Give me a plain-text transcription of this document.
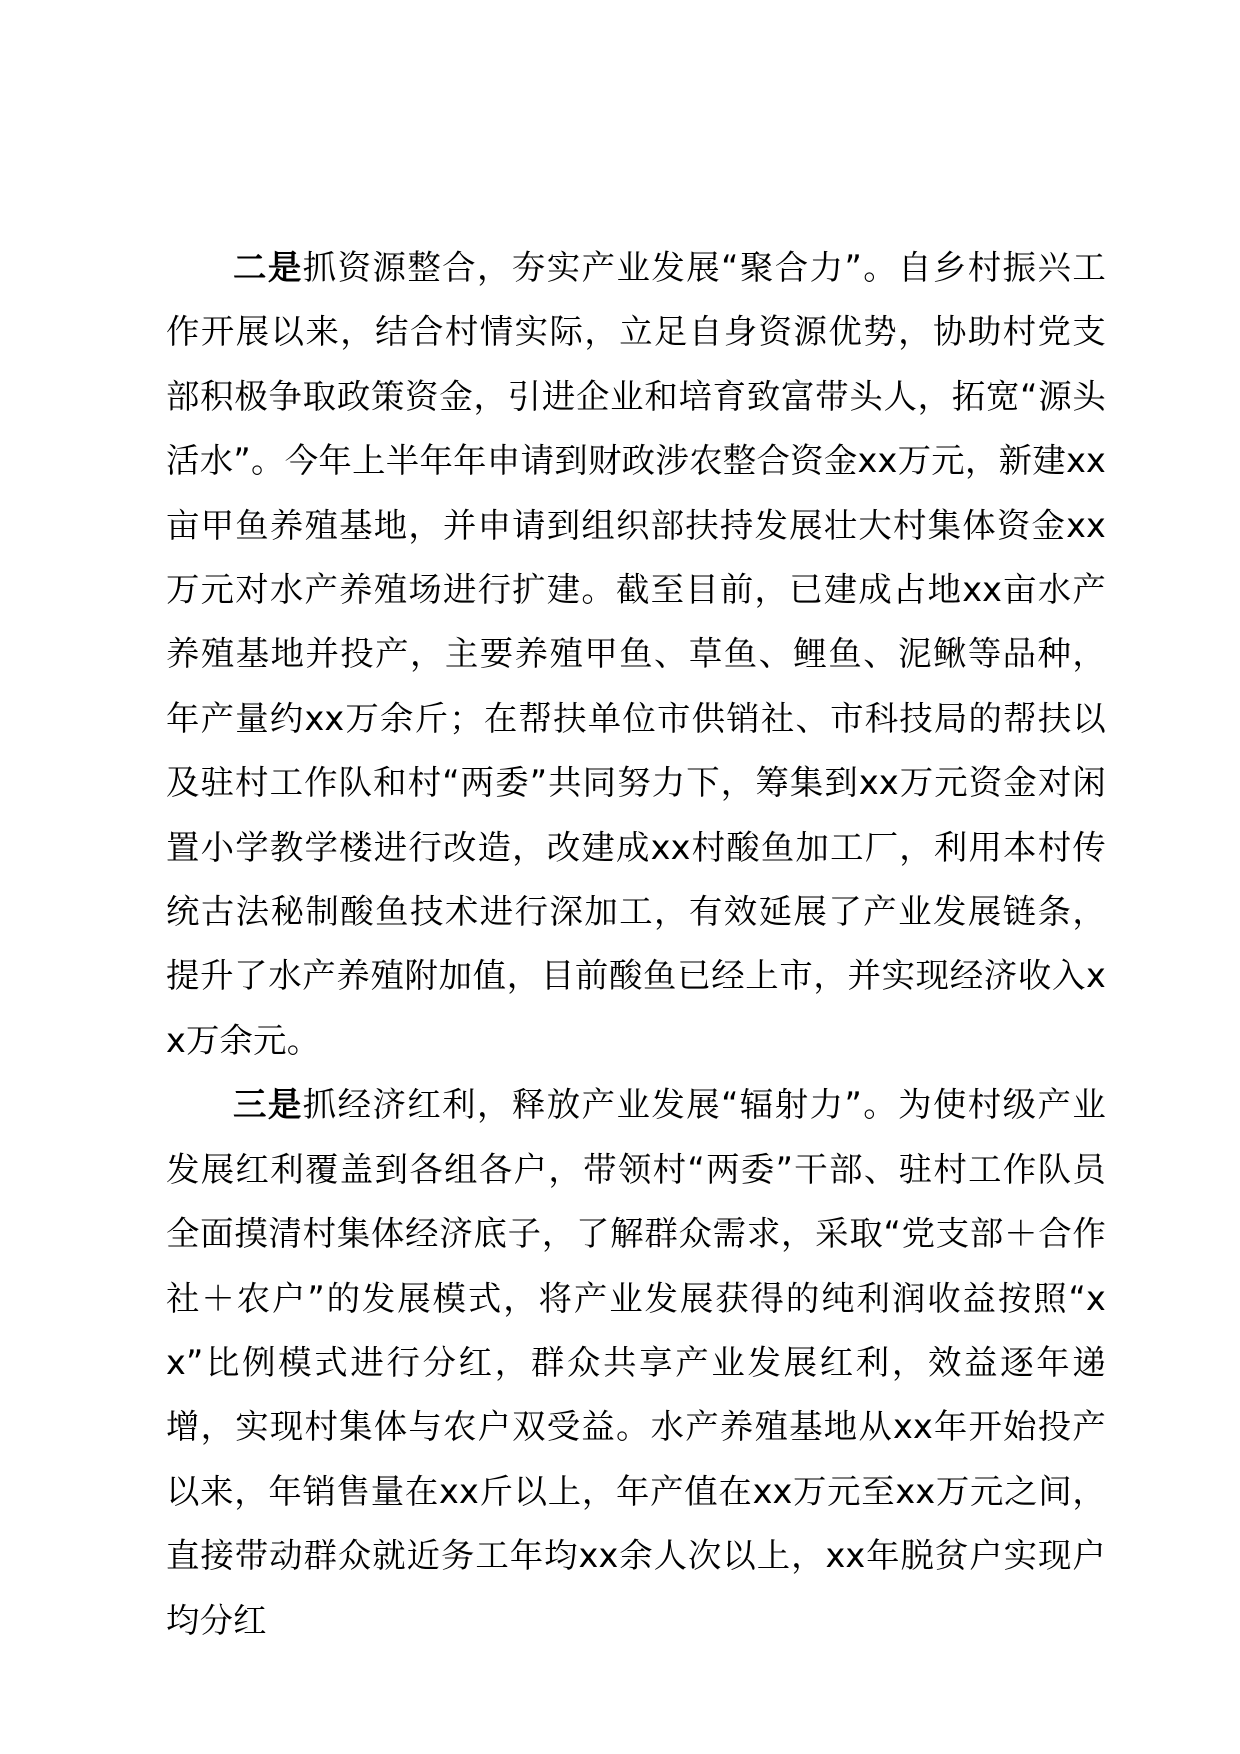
二是抓资源整合，夯实产业发展“聚合力”。自乡村振兴工作开展以来，结合村情实际，立足自身资源优势，协助村党支部积极争取政策资金，引进企业和培育致富带头人，拓宽“源头活水”。今年上半年年申请到财政涉农整合资金xx万元，新建xx亩甲鱼养殖基地，并申请到组织部扶持发展壮大村集体资金xx万元对水产养殖场进行扩建。截至目前，已建成占地xx亩水产养殖基地并投产，主要养殖甲鱼、草鱼、鲤鱼、泥鳅等品种，年产量约xx万余斤；在帮扶单位市供销社、市科技局的帮扶以及驻村工作队和村“两委”共同努力下，筹集到xx万元资金对闲置小学教学楼进行改造，改建成xx村酸鱼加工厂，利用本村传统古法秘制酸鱼技术进行深加工，有效延展了产业发展链条，提升了水产养殖附加值，目前酸鱼已经上市，并实现经济收入xx万余元。

三是抓经济红利，释放产业发展“辐射力”。为使村级产业发展红利覆盖到各组各户，带领村“两委”干部、驻村工作队员全面摸清村集体经济底子，了解群众需求，采取“党支部＋合作社＋农户”的发展模式，将产业发展获得的纯利润收益按照“xx”比例模式进行分红，群众共享产业发展红利，效益逐年递增，实现村集体与农户双受益。水产养殖基地从xx年开始投产以来，年销售量在xx斤以上，年产值在xx万元至xx万元之间，直接带动群众就近务工年均xx余人次以上，xx年脱贫户实现户均分红
